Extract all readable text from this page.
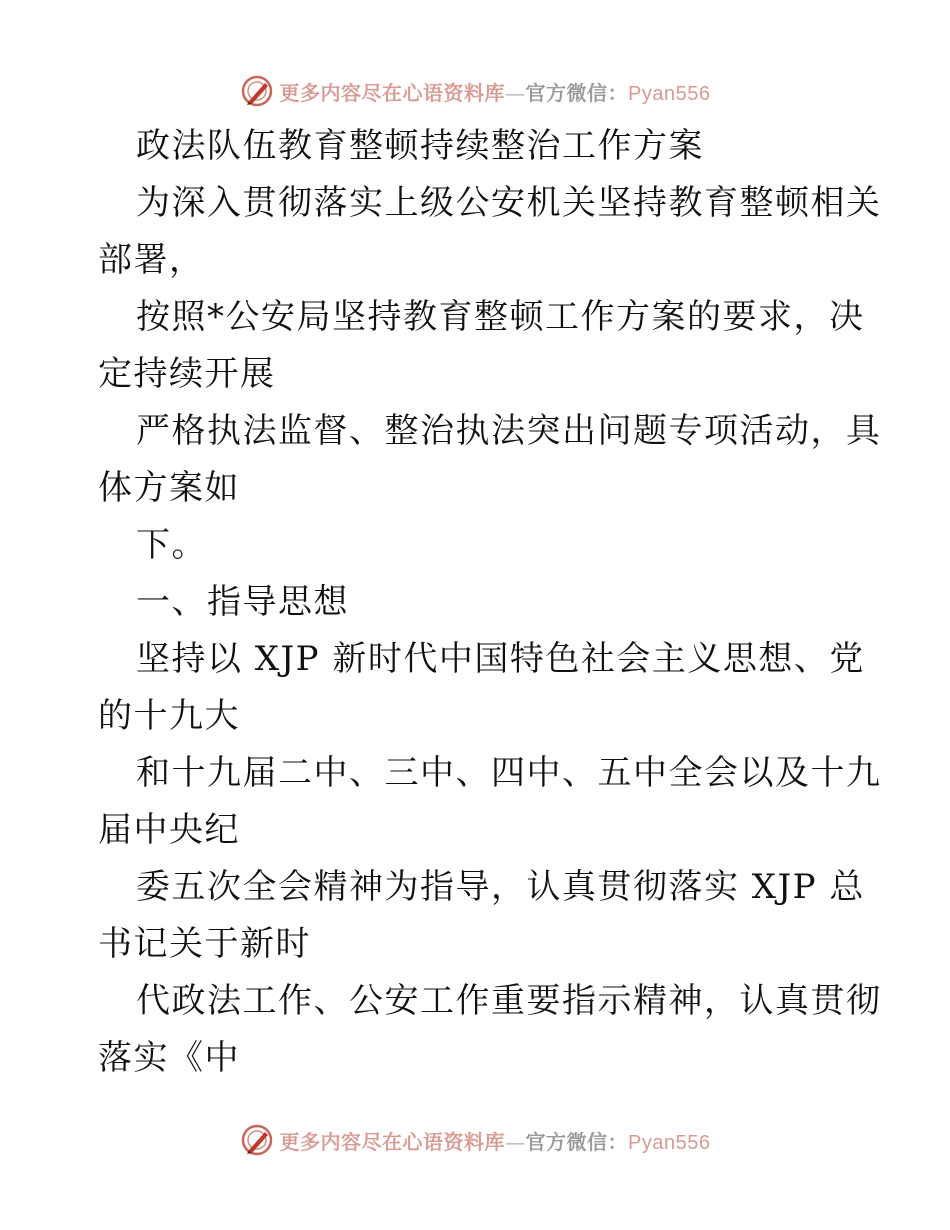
更多内容尽在心语资料库—官方微信：Pyan556
政法队伍教育整顿持续整治工作方案
为深入贯彻落实上级公安机关坚持教育整顿相关
部署，
按照*公安局坚持教育整顿工作方案的要求，决
定持续开展
严格执法监督、整治执法突出问题专项活动，具
体方案如
下。
一、指导思想
坚持以 XJP 新时代中国特色社会主义思想、党
的十九大
和十九届二中、三中、四中、五中全会以及十九
届中央纪
委五次全会精神为指导，认真贯彻落实 XJP 总
书记关于新时
代政法工作、公安工作重要指示精神，认真贯彻
落实《中
更多内容尽在心语资料库—官方微信：Pyan556
